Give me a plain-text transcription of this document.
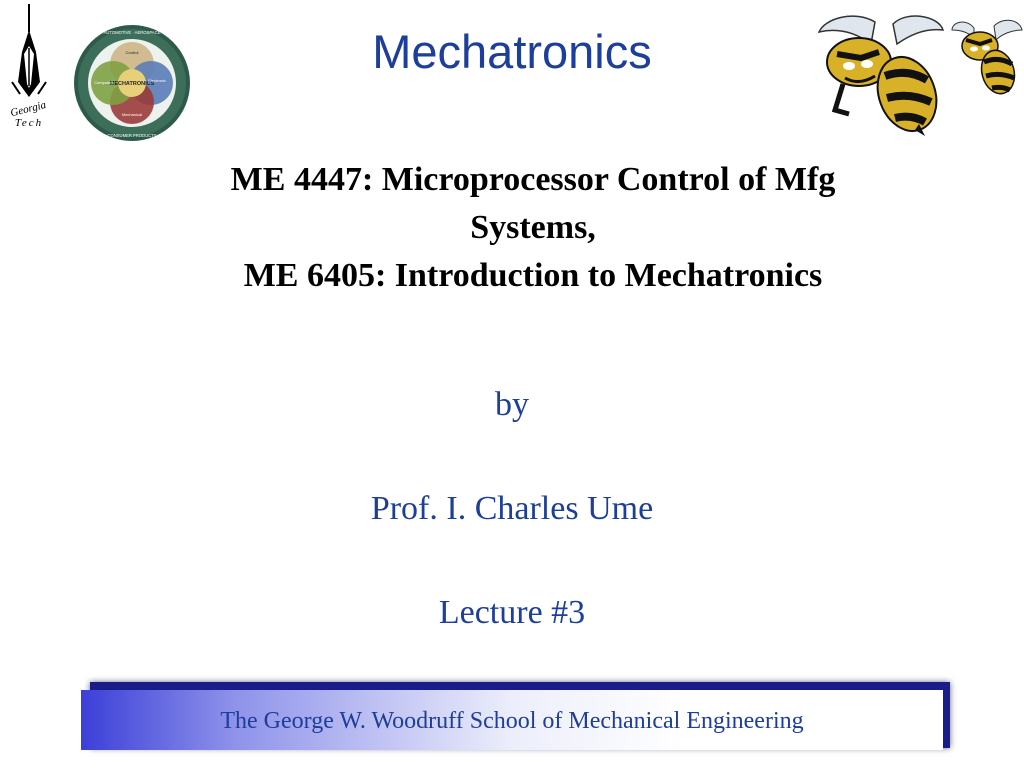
Georgia
Tech
MECHATRONICS
Control
Electronic
Mechanical
Computers
AUTOMOTIVE · AEROSPACE
CONSUMER PRODUCTS
Mechatronics
ME 4447: Microprocessor Control of Mfg
Systems,
ME 6405: Introduction to Mechatronics
by
Prof. I. Charles Ume
Lecture #3
The George W. Woodruff School of Mechanical Engineering
